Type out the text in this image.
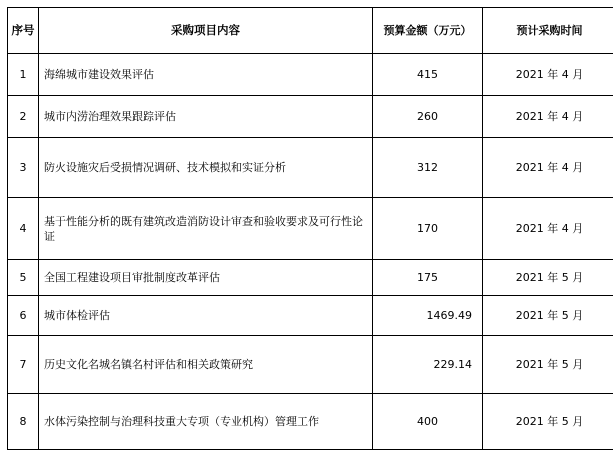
序号	采购项目内容	预算金额（万元）	预计采购时间
1	海绵城市建设效果评估	415	2021 年 4 月
2	城市内涝治理效果跟踪评估	260	2021 年 4 月
3	防火设施灾后受损情况调研、技术模拟和实证分析	312	2021 年 4 月
4	基于性能分析的既有建筑改造消防设计审查和验收要求及可行性论证	170	2021 年 4 月
5	全国工程建设项目审批制度改革评估	175	2021 年 5 月
6	城市体检评估	1469.49	2021 年 5 月
7	历史文化名城名镇名村评估和相关政策研究	229.14	2021 年 5 月
8	水体污染控制与治理科技重大专项（专业机构）管理工作	400	2021 年 5 月
